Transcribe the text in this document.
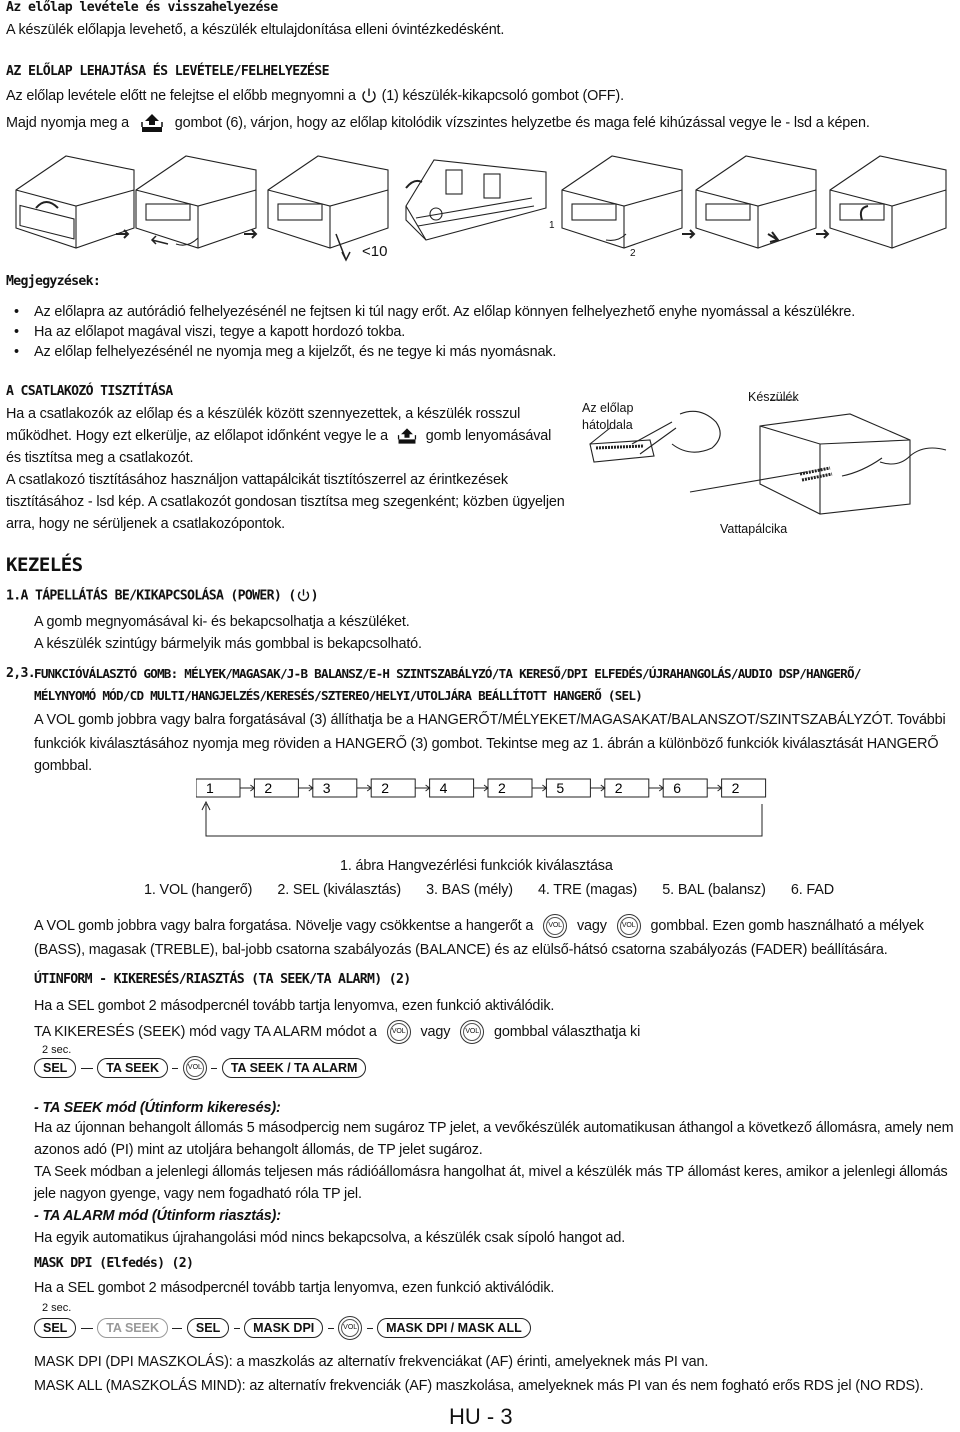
Az előlap levétele és visszahelyezése
A készülék előlapja levehető, a készülék eltulajdonítása elleni óvintézkedésként.
AZ ELŐLAP LEHAJTÁSA ÉS LEVÉTELE/FELHELYEZÉSE
Az előlap levétele előtt ne felejtse el előbb megnyomni a (1) készülék-kikapcsoló gombot (OFF).
Majd nyomja meg a	gombot (6), várjon, hogy az előlap kitolódik vízszintes helyzetbe és maga felé kihúzással vegye le - lsd a képen.
<10
1
2
Megjegyzések:
• Az előlapra az autórádió felhelyezésénél ne fejtsen ki túl nagy erőt. Az előlap könnyen felhelyezhető enyhe nyomással a készülékre.
• Ha az előlapot magával viszi, tegye a kapott hordozó tokba.
• Az előlap felhelyezésénél ne nyomja meg a kijelzőt, és ne tegye ki más nyomásnak.
A CSATLAKOZÓ TISZTÍTÁSA
Ha a csatlakozók az előlap és a készülék között szennyezettek, a készülék rosszul
működhet. Hogy ezt elkerülje, az előlapot időnként vegye le a	gomb lenyomásával
és tisztítsa meg a csatlakozót.
A csatlakozó tisztításához használjon vattapálcikát tisztítószerrel az érintkezések
tisztításához - lsd kép. A csatlakozót gondosan tisztítsa meg szegenként; közben ügyeljen
arra, hogy ne sérüljenek a csatlakozópontok.
Az előlap
hátoldala
Készülék
Vattapálcika
KEZELÉS
1.A TÁPELLÁTÁS BE/KIKAPCSOLÁSA (POWER) ( )
A gomb megnyomásával ki- és bekapcsolhatja a készüléket.
A készülék szintúgy bármelyik más gombbal is bekapcsolható.
2,3. FUNKCIÓVÁLASZTÓ GOMB: MÉLYEK/MAGASAK/J-B BALANSZ/E-H SZINTSZABÁLYZÓ/TA KERESŐ/DPI ELFEDÉS/ÚJRAHANGOLÁS/AUDIO DSP/HANGERŐ/
MÉLYNYOMÓ MÓD/CD MULTI/HANGJELZÉS/KERESÉS/SZTEREO/HELYI/UTOLJÁRA BEÁLLÍTOTT HANGERŐ (SEL)
A VOL gomb jobbra vagy balra forgatásával (3) állíthatja be a HANGERŐT/MÉLYEKET/MAGASAKAT/BALANSZOT/SZINTSZABÁLYZÓT. További
funkciók kiválasztásához nyomja meg röviden a HANGERŐ (3) gombot. Tekintse meg az 1. ábrán a különböző funkciók kiválasztását HANGERŐ
gombbal.
1	2	3	2	4	2	5	2	6	2
1. ábra Hangvezérlési funkciók kiválasztása
1. VOL (hangerő) 2. SEL (kiválasztás) 3. BAS (mély) 4. TRE (magas) 5. BAL (balansz) 6. FAD
A VOL gomb jobbra vagy balra forgatása. Növelje vagy csökkentse a hangerőt a VOL vagy VOL gombbal. Ezen gomb használható a mélyek
(BASS), magasak (TREBLE), bal-jobb csatorna szabályozás (BALANCE) és az elülső-hátsó csatorna szabályozás (FADER) beállítására.
ÚTINFORM - KIKERESÉS/RIASZTÁS (TA SEEK/TA ALARM) (2)
Ha a SEL gombot 2 másodpercnél tovább tartja lenyomva, ezen funkció aktiválódik.
TA KIKERESÉS (SEEK) mód vagy TA ALARM módot a VOL vagy VOL gombbal választhatja ki
2 sec.
SEL	TA SEEK	VOL TA SEEK / TA ALARM
- TA SEEK mód (Útinform kikeresés):
Ha az újonnan behangolt állomás 5 másodpercig nem sugároz TP jelet, a vevőkészülék automatikusan áthangol a következő állomásra, amely nem
azonos adó (PI) mint az utoljára behangolt állomás, de TP jelet sugároz.
TA Seek módban a jelenlegi állomás teljesen más rádióállomásra hangolhat át, mivel a készülék más TP állomást keres, amikor a jelenlegi állomás
jele nagyon gyenge, vagy nem fogadható róla TP jel.
- TA ALARM mód (Útinform riasztás):
Ha egyik automatikus újrahangolási mód nincs bekapcsolva, a készülék csak sípoló hangot ad.
MASK DPI (Elfedés) (2)
Ha a SEL gombot 2 másodpercnél tovább tartja lenyomva, ezen funkció aktiválódik.
2 sec.
SEL	TA SEEK	SEL	MASK DPI	VOL MASK DPI / MASK ALL
MASK DPI (DPI MASZKOLÁS): a maszkolás az alternatív frekvenciákat (AF) érinti, amelyeknek más PI van.
MASK ALL (MASZKOLÁS MIND): az alternatív frekvenciák (AF) maszkolása, amelyeknek más PI van és nem fogható erős RDS jel (NO RDS).
HU - 3
